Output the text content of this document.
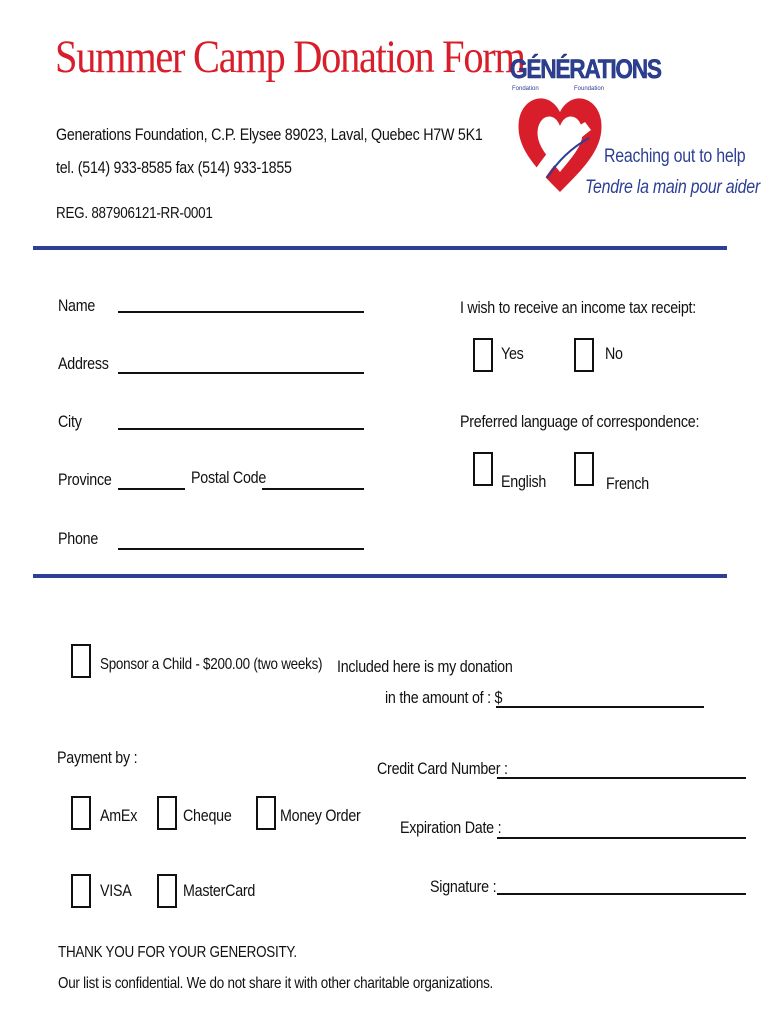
Summer Camp Donation Form
Generations Foundation, C.P. Elysee 89023, Laval, Quebec H7W 5K1
tel. (514) 933-8585 fax (514) 933-1855
REG. 887906121-RR-0001
GÉNÉRATIONS
Fondation	Foundation
Reaching out to help
Tendre la main pour aider
Name
Address
City
Province	Postal Code
Phone
I wish to receive an income tax receipt:
Yes	No
Preferred language of correspondence:
English	French
Sponsor a Child - $200.00 (two weeks) Included here is my donation
in the amount of : $
Payment by :
AmEx	Cheque	Money Order
VISA	MasterCard
Credit Card Number :
Expiration Date :
Signature :
THANK YOU FOR YOUR GENEROSITY.
Our list is confidential. We do not share it with other charitable organizations.
